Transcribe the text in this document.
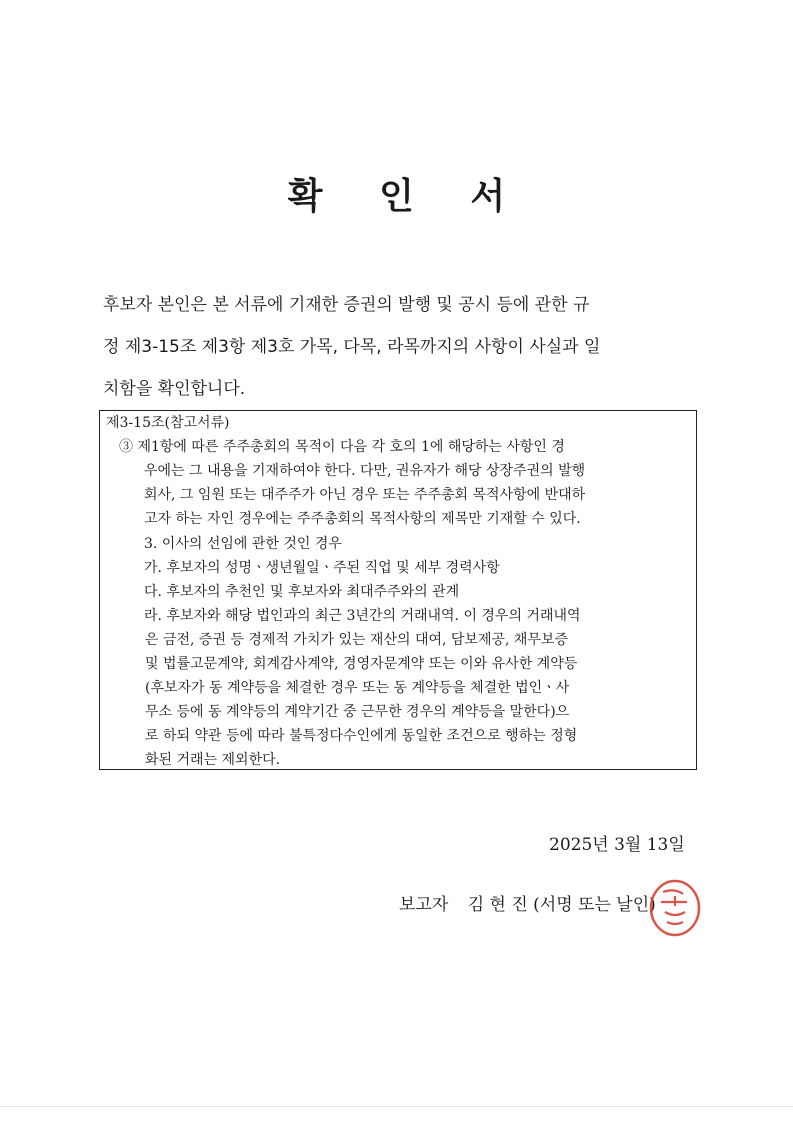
확 인 서
후보자 본인은 본 서류에 기재한 증권의 발행 및 공시 등에 관한 규
정 제3-15조 제3항 제3호 가목, 다목, 라목까지의 사항이 사실과 일
치함을 확인합니다.
제3-15조(참고서류)
③ 제1항에 따른 주주총회의 목적이 다음 각 호의 1에 해당하는 사항인 경
우에는 그 내용을 기재하여야 한다. 다만, 권유자가 해당 상장주권의 발행
회사, 그 임원 또는 대주주가 아닌 경우 또는 주주총회 목적사항에 반대하
고자 하는 자인 경우에는 주주총회의 목적사항의 제목만 기재할 수 있다.
3. 이사의 선임에 관한 것인 경우
가. 후보자의 성명ㆍ생년월일ㆍ주된 직업 및 세부 경력사항
다. 후보자의 추천인 및 후보자와 최대주주와의 관계
라. 후보자와 해당 법인과의 최근 3년간의 거래내역. 이 경우의 거래내역
은 금전, 증권 등 경제적 가치가 있는 재산의 대여, 담보제공, 채무보증
및 법률고문계약, 회계감사계약, 경영자문계약 또는 이와 유사한 계약등
(후보자가 동 계약등을 체결한 경우 또는 동 계약등을 체결한 법인ㆍ사
무소 등에 동 계약등의 계약기간 중 근무한 경우의 계약등을 말한다)으
로 하되 약관 등에 따라 불특정다수인에게 동일한 조건으로 행하는 정형
화된 거래는 제외한다.
2025년 3월 13일
보고자 김 현 진 (서명 또는 날인)
